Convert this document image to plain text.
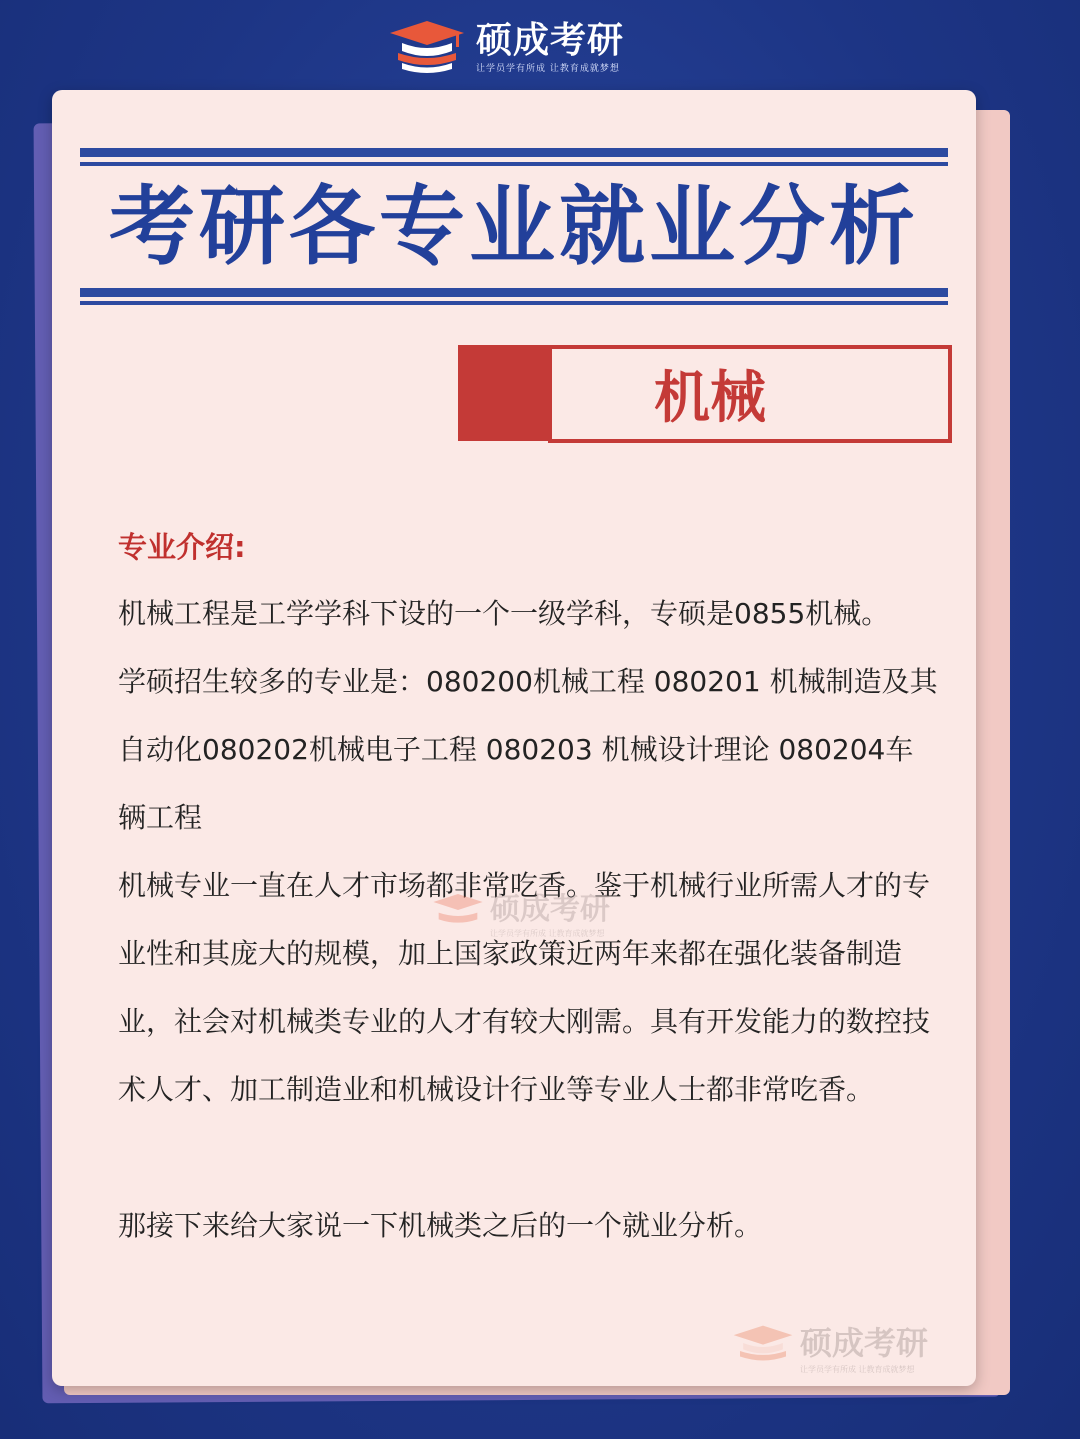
硕成考研
让学员学有所成 让教育成就梦想
考研各专业就业分析
机械
专业介绍:
机械工程是工学学科下设的一个一级学科，专硕是0855机械。
学硕招生较多的专业是：080200机械工程 080201 机械制造及其自动化080202机械电子工程 080203 机械设计理论 080204车辆工程
机械专业一直在人才市场都非常吃香。鉴于机械行业所需人才的专业性和其庞大的规模，加上国家政策近两年来都在强化装备制造业，社会对机械类专业的人才有较大刚需。具有开发能力的数控技术人才、加工制造业和机械设计行业等专业人士都非常吃香。
那接下来给大家说一下机械类之后的一个就业分析。
硕成考研
让学员学有所成 让教育成就梦想
硕成考研
让学员学有所成 让教育成就梦想
